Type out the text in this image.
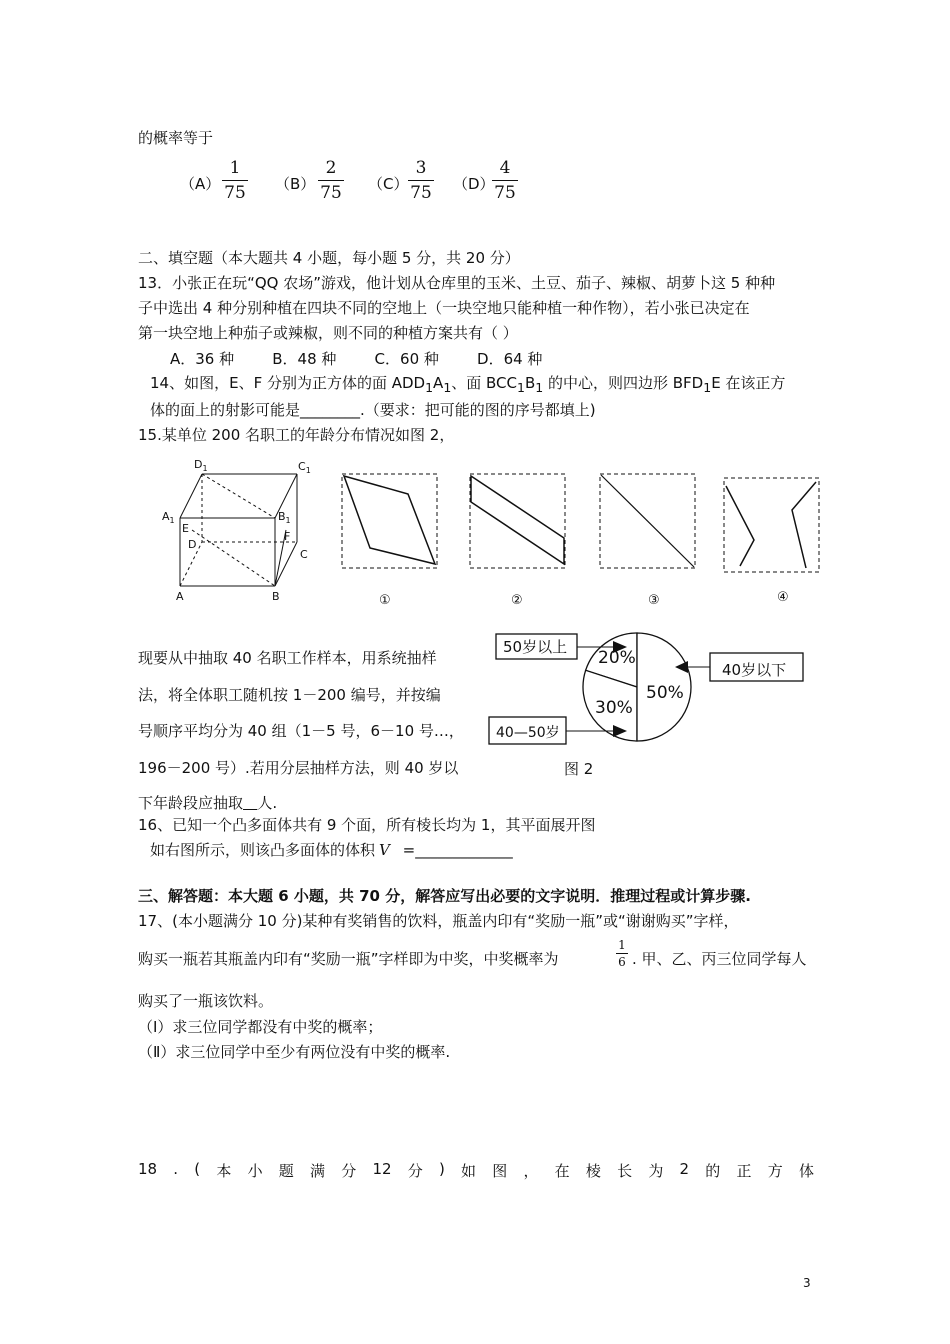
的概率等于
（A）
1
75 （B）
2
75 （C）
3
75 （D）
4
75
二、填空题（本大题共 4 小题，每小题 5 分，共 20 分）
13．小张正在玩“QQ 农场”游戏，他计划从仓库里的玉米、土豆、茄子、辣椒、胡萝卜这 5 种种
子中选出 4 种分别种植在四块不同的空地上（一块空地只能种植一种作物），若小张已决定在
第一块空地上种茄子或辣椒，则不同的种植方案共有（ ）
A．36 种        B．48 种        C．60 种        D．64 种
14、如图，E、F 分别为正方体的面 $ADD_1A_1$、面 $BCC_1B_1$ 的中心，则四边形 $BFD_1E$ 在该正方
体的面上的射影可能是________.（要求：把可能的图的序号都填上)
15.某单位 200 名职工的年龄分布情况如图 2，
$D_1$	$C_1$
$A_1$	$B_1$
E
D
F
C
A	B	①	②	③	④
现要从中抽取 40 名职工作样本，用系统抽样
法，将全体职工随机按 1－200 编号，并按编
号顺序平均分为 40 组（1－5 号，6－10 号…，
196－200 号）.若用分层抽样方法，则 40 岁以
下年龄段应抽取 人.
50岁以上
40—50岁
40岁以下
20%
30%
50%
图 2
16、已知一个凸多面体共有 9 个面，所有棱长均为 1，其平面展开图
如右图所示，则该凸多面体的体积 V =_____________
三、解答题：本大题 6 小题，共 70 分，解答应写出必要的文字说明．推理过程或计算步骤.
17、(本小题满分 10 分)某种有奖销售的饮料，瓶盖内印有“奖励一瓶”或“谢谢购买”字样，
购买一瓶若其瓶盖内印有“奖励一瓶”字样即为中奖，中奖概率为
1
6 . 甲、乙、丙三位同学每人
购买了一瓶该饮料。
（Ⅰ）求三位同学都没有中奖的概率；
（Ⅱ）求三位同学中至少有两位没有中奖的概率.
18 . ( 本 小 题 满 分 12 分 ) 如 图 ， 在 棱 长 为 2 的 正 方 体
3
